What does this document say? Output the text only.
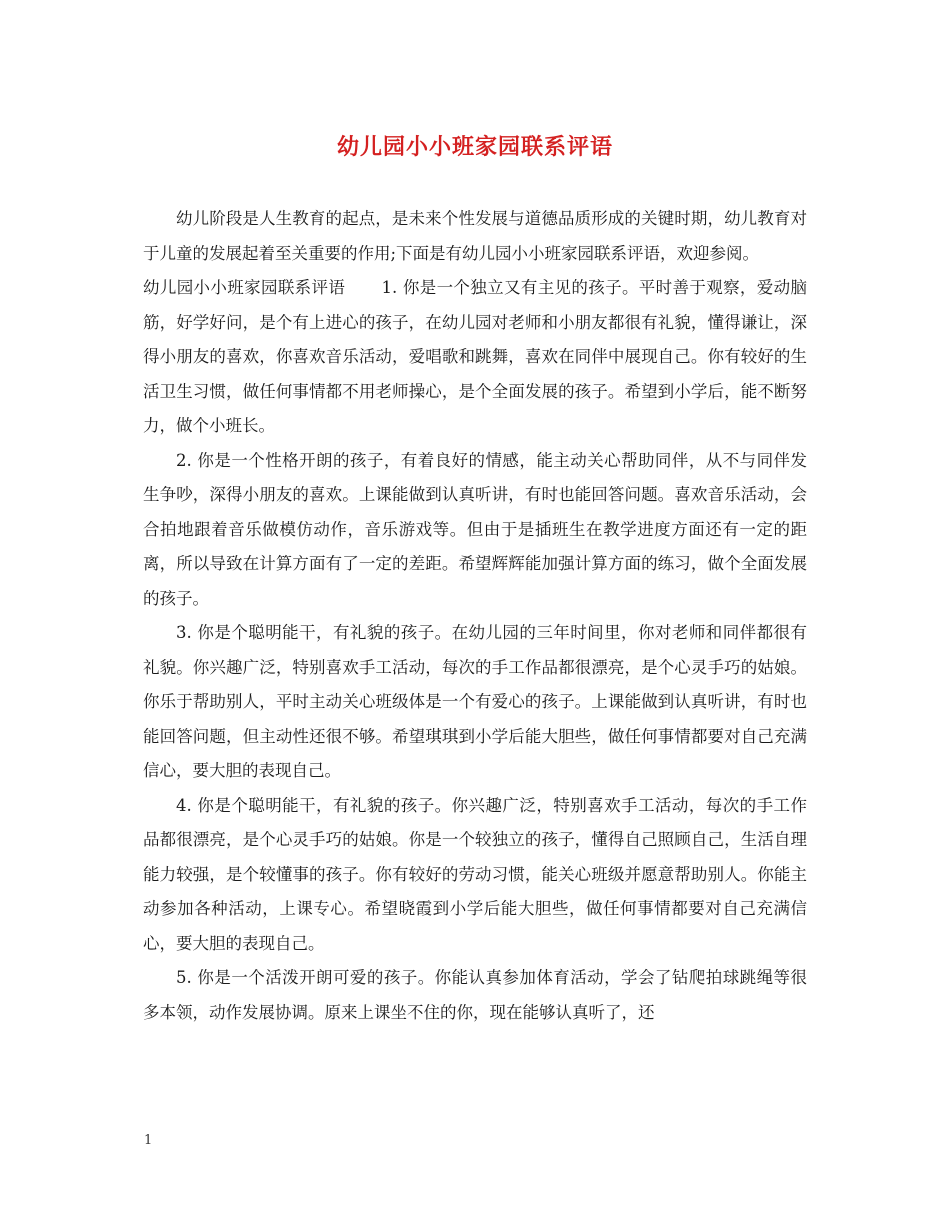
幼儿园小小班家园联系评语

幼儿阶段是人生教育的起点，是未来个性发展与道德品质形成的关键时期，幼儿教育对于儿童的发展起着至关重要的作用;下面是有幼儿园小小班家园联系评语，欢迎参阅。

幼儿园小小班家园联系评语 1. 你是一个独立又有主见的孩子。平时善于观察，爱动脑筋，好学好问，是个有上进心的孩子，在幼儿园对老师和小朋友都很有礼貌，懂得谦让，深得小朋友的喜欢，你喜欢音乐活动，爱唱歌和跳舞，喜欢在同伴中展现自己。你有较好的生活卫生习惯，做任何事情都不用老师操心，是个全面发展的孩子。希望到小学后，能不断努力，做个小班长。

2. 你是一个性格开朗的孩子，有着良好的情感，能主动关心帮助同伴，从不与同伴发生争吵，深得小朋友的喜欢。上课能做到认真听讲，有时也能回答问题。喜欢音乐活动，会合拍地跟着音乐做模仿动作，音乐游戏等。但由于是插班生在教学进度方面还有一定的距离，所以导致在计算方面有了一定的差距。希望辉辉能加强计算方面的练习，做个全面发展的孩子。

3. 你是个聪明能干，有礼貌的孩子。在幼儿园的三年时间里，你对老师和同伴都很有礼貌。你兴趣广泛，特别喜欢手工活动，每次的手工作品都很漂亮，是个心灵手巧的姑娘。你乐于帮助别人，平时主动关心班级体是一个有爱心的孩子。上课能做到认真听讲，有时也能回答问题，但主动性还很不够。希望琪琪到小学后能大胆些，做任何事情都要对自己充满信心，要大胆的表现自己。

4. 你是个聪明能干，有礼貌的孩子。你兴趣广泛，特别喜欢手工活动，每次的手工作品都很漂亮，是个心灵手巧的姑娘。你是一个较独立的孩子，懂得自己照顾自己，生活自理能力较强，是个较懂事的孩子。你有较好的劳动习惯，能关心班级并愿意帮助别人。你能主动参加各种活动，上课专心。希望晓霞到小学后能大胆些，做任何事情都要对自己充满信心，要大胆的表现自己。

5. 你是一个活泼开朗可爱的孩子。你能认真参加体育活动，学会了钻爬拍球跳绳等很多本领，动作发展协调。原来上课坐不住的你，现在能够认真听了，还

1
